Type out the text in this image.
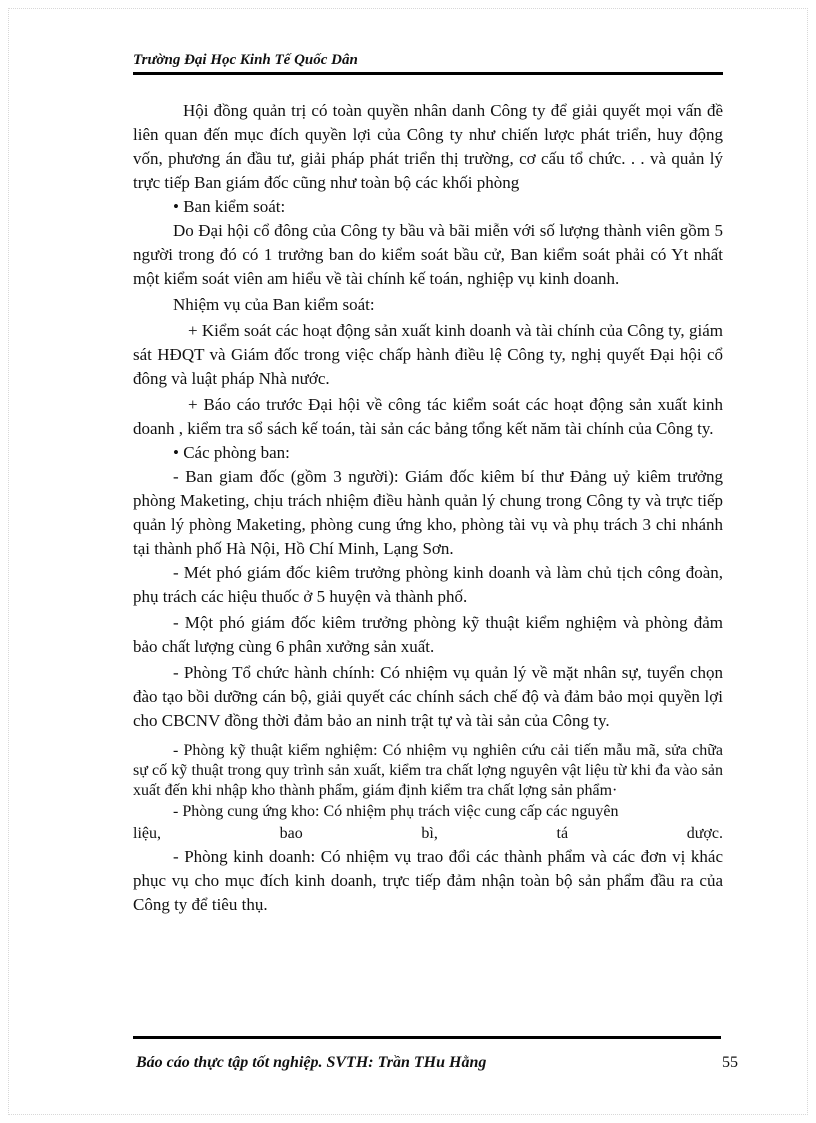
Trường Đại Học Kinh Tế Quốc Dân

Hội đồng quản trị có toàn quyền nhân danh Công ty để giải quyết mọi vấn đề liên quan đến mục đích quyền lợi của Công ty như chiến lược phát triển, huy động vốn, phương án đầu tư, giải pháp phát triển thị trường, cơ cấu tổ chức. . . và quản lý trực tiếp Ban giám đốc cũng như toàn bộ các khối phòng

• Ban kiểm soát:

Do Đại hội cổ đông của Công ty bầu và bãi miễn với số lượng thành viên gồm 5 người trong đó có 1 trưởng ban do kiểm soát bầu cử, Ban kiểm soát phải có Yt nhất một kiểm soát viên am hiểu về tài chính kế toán, nghiệp vụ kinh doanh.

Nhiệm vụ của Ban kiểm soát:

+ Kiểm soát các hoạt động sản xuất kinh doanh và tài chính của Công ty, giám sát HĐQT và Giám đốc trong việc chấp hành điều lệ Công ty, nghị quyết Đại hội cổ đông và luật pháp Nhà nước.

+ Báo cáo trước Đại hội về công tác kiểm soát các hoạt động sản xuất kinh doanh , kiểm tra sổ sách kế toán, tài sản các bảng tổng kết năm tài chính của Công ty.

• Các phòng ban:

- Ban giam đốc (gồm 3 người): Giám đốc kiêm bí thư Đảng uỷ kiêm trưởng phòng Maketing, chịu trách nhiệm điều hành quản lý chung trong Công ty và trực tiếp quản lý phòng Maketing, phòng cung ứng kho, phòng tài vụ và phụ trách 3 chi nhánh tại thành phố Hà Nội, Hồ Chí Minh, Lạng Sơn.

- Mét phó giám đốc kiêm trưởng phòng kinh doanh và làm chủ tịch công đoàn, phụ trách các hiệu thuốc ở 5 huyện và thành phố.

- Một phó giám đốc kiêm trưởng phòng kỹ thuật kiểm nghiệm và phòng đảm bảo chất lượng cùng 6 phân xưởng sản xuất.

- Phòng Tổ chức hành chính: Có nhiệm vụ quản lý về mặt nhân sự, tuyển chọn đào tạo bồi dưỡng cán bộ, giải quyết các chính sách chế độ và đảm bảo mọi quyền lợi cho CBCNV đồng thời đảm bảo an ninh trật tự và tài sản của Công ty.

- Phòng kỹ thuật kiểm nghiệm: Có nhiệm vụ nghiên cứu cải tiến mẫu mã, sửa chữa sự cố kỹ thuật trong quy trình sản xuất, kiểm tra chất lợng nguyên vật liệu từ khi đa vào sản xuất đến khi nhập kho thành phẩm, giám định kiểm tra chất lợng sản phẩm·

- Phòng cung ứng kho: Có nhiệm phụ trách việc cung cấp các nguyên

liệu, bao bì, tá dược.

- Phòng kinh doanh: Có nhiệm vụ trao đổi các thành phẩm và các đơn vị khác phục vụ cho mục đích kinh doanh, trực tiếp đảm nhận toàn bộ sản phẩm đầu ra của Công ty để tiêu thụ.

Báo cáo thực tập tốt nghiệp. SVTH: Trần THu Hằng	55
